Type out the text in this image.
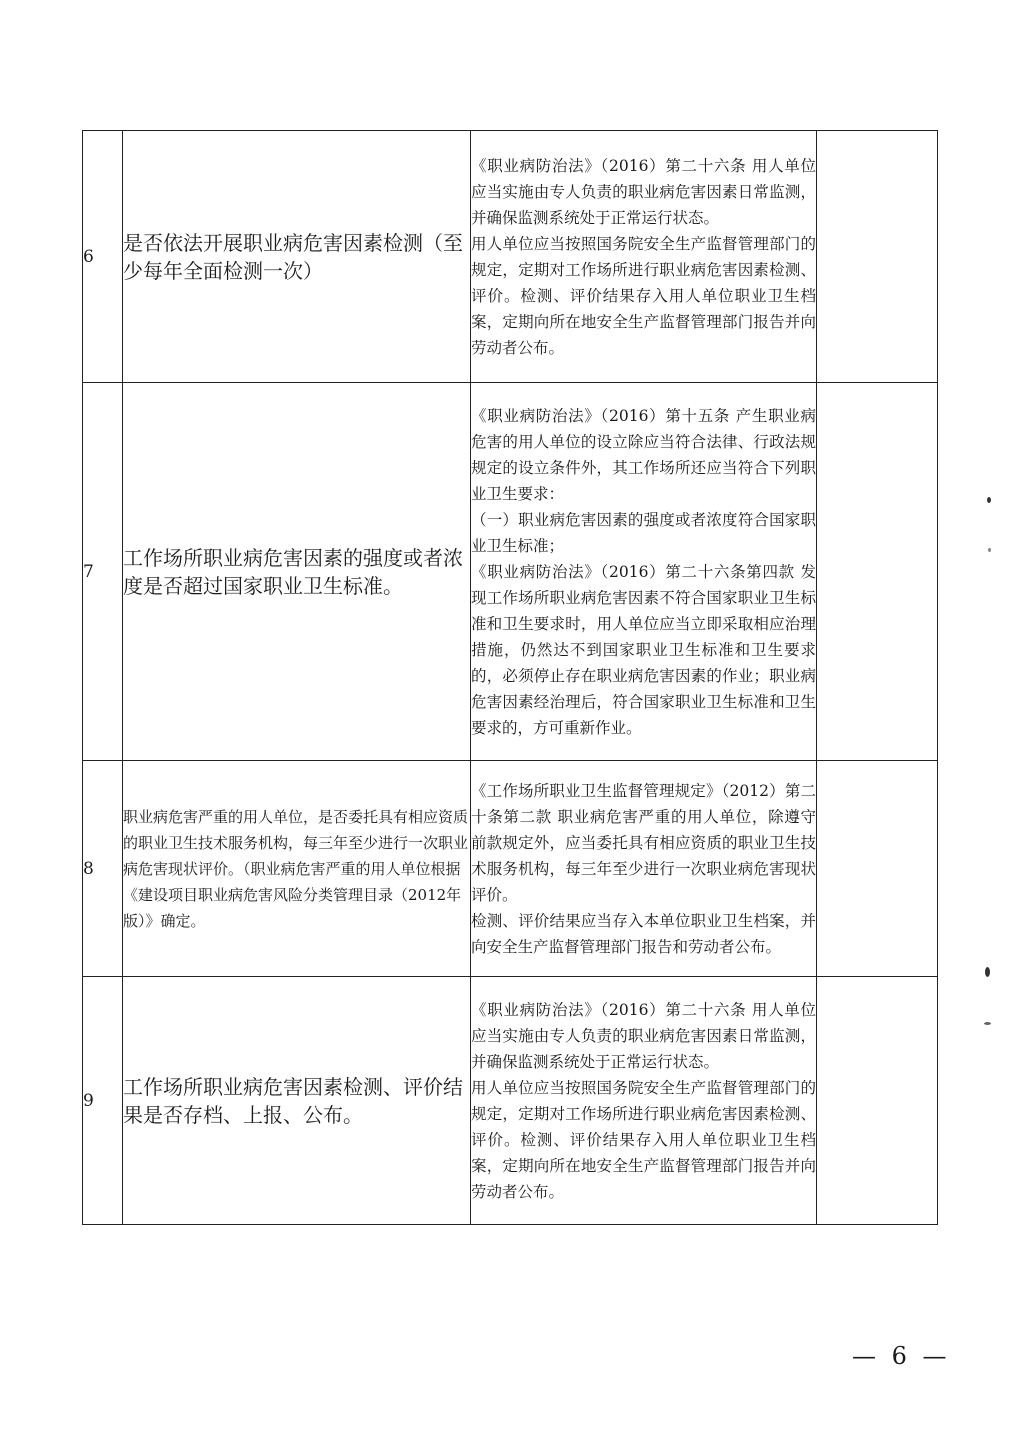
6	是否依法开展职业病危害因素检测（至少每年全面检测一次）	《职业病防治法》（2016）第二十六条 用人单位应当实施由专人负责的职业病危害因素日常监测，并确保监测系统处于正常运行状态。

用人单位应当按照国务院安全生产监督管理部门的规定，定期对工作场所进行职业病危害因素检测、评价。检测、评价结果存入用人单位职业卫生档案，定期向所在地安全生产监督管理部门报告并向劳动者公布。	

7	工作场所职业病危害因素的强度或者浓度是否超过国家职业卫生标准。	《职业病防治法》（2016）第十五条 产生职业病危害的用人单位的设立除应当符合法律、行政法规规定的设立条件外，其工作场所还应当符合下列职业卫生要求：

（一）职业病危害因素的强度或者浓度符合国家职业卫生标准；

《职业病防治法》（2016）第二十六条第四款 发现工作场所职业病危害因素不符合国家职业卫生标准和卫生要求时，用人单位应当立即采取相应治理措施，仍然达不到国家职业卫生标准和卫生要求的，必须停止存在职业病危害因素的作业；职业病危害因素经治理后，符合国家职业卫生标准和卫生要求的，方可重新作业。	

8	职业病危害严重的用人单位，是否委托具有相应资质的职业卫生技术服务机构，每三年至少进行一次职业病危害现状评价。（职业病危害严重的用人单位根据《建设项目职业病危害风险分类管理目录（2012年版）》确定。	《工作场所职业卫生监督管理规定》（2012）第二十条第二款 职业病危害严重的用人单位，除遵守前款规定外，应当委托具有相应资质的职业卫生技术服务机构，每三年至少进行一次职业病危害现状评价。

检测、评价结果应当存入本单位职业卫生档案，并向安全生产监督管理部门报告和劳动者公布。	

9	工作场所职业病危害因素检测、评价结果是否存档、上报、公布。	《职业病防治法》（2016）第二十六条 用人单位应当实施由专人负责的职业病危害因素日常监测，并确保监测系统处于正常运行状态。

用人单位应当按照国务院安全生产监督管理部门的规定，定期对工作场所进行职业病危害因素检测、评价。检测、评价结果存入用人单位职业卫生档案，定期向所在地安全生产监督管理部门报告并向劳动者公布。	

— 6 —
